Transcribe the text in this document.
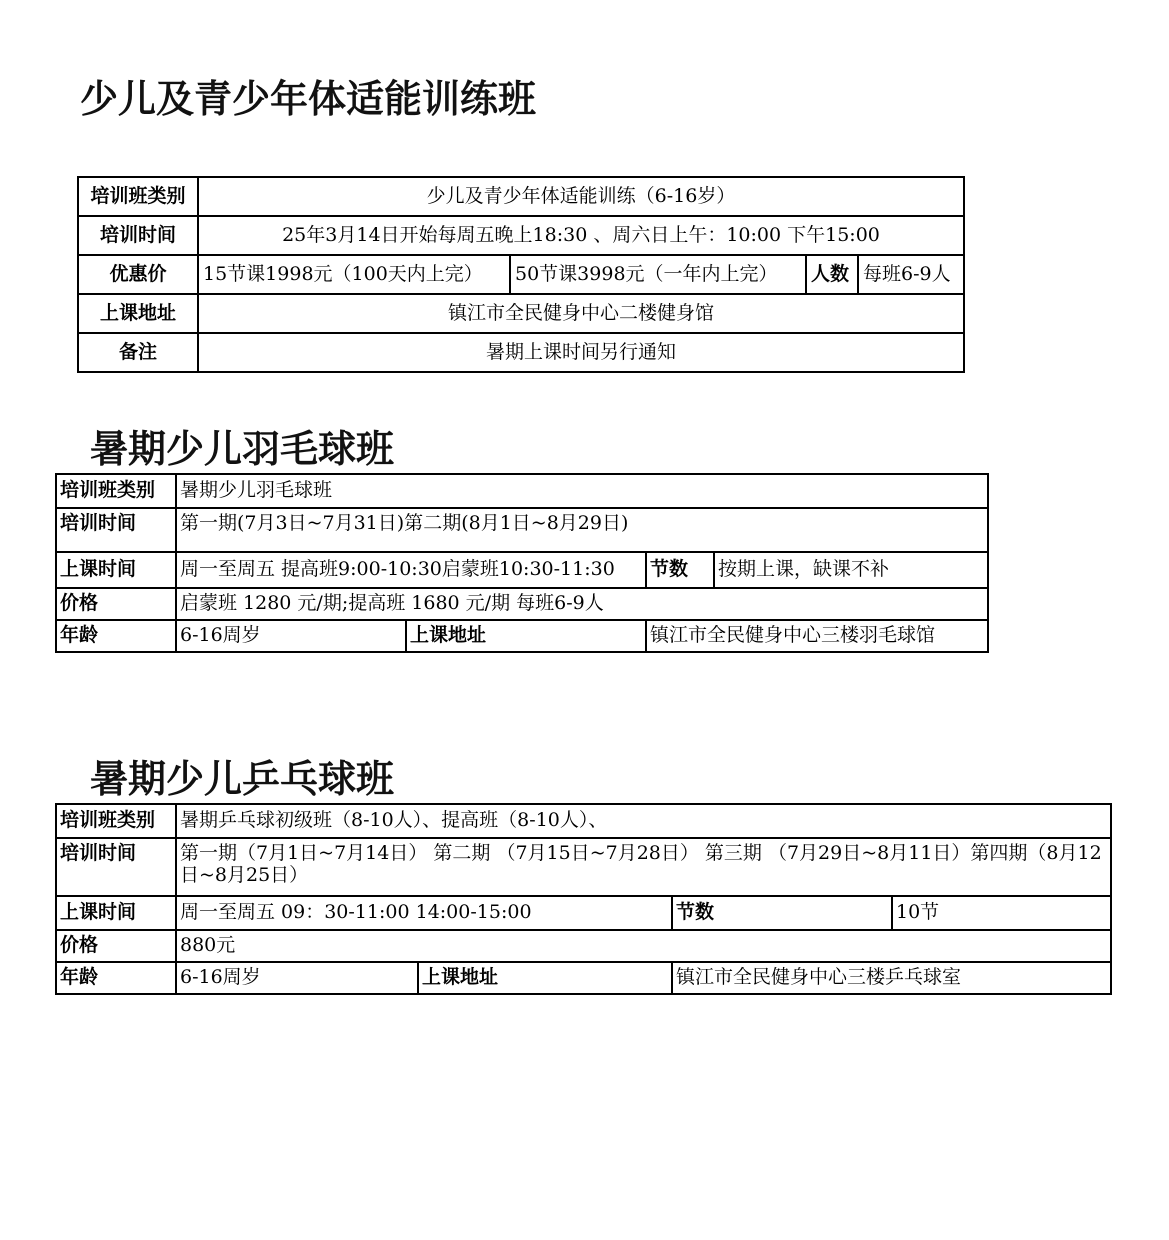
少儿及青少年体适能训练班
培训班类别	少儿及青少年体适能训练（6-16岁）			
培训时间	25年3月14日开始每周五晚上18:30 、周六日上午：10:00 下午15:00			
优惠价	15节课1998元（100天内上完）	50节课3998元（一年内上完）	人数	每班6-9人
上课地址	镇江市全民健身中心二楼健身馆			
备注	暑期上课时间另行通知			
暑期少儿羽毛球班
培训班类别	暑期少儿羽毛球班			
培训时间	第一期(7月3日~7月31日)第二期(8月1日~8月29日)			
上课时间	周一至周五 提高班9:00-10:30启蒙班10:30-11:30		节数	按期上课，缺课不补
价格	启蒙班 1280 元/期;提高班 1680 元/期 每班6-9人			
年龄	6-16周岁	上课地址	镇江市全民健身中心三楼羽毛球馆	
暑期少儿乒乓球班
培训班类别	暑期乒乓球初级班（8-10人）、提高班（8-10人）、			
培训时间	第一期（7月1日~7月14日） 第二期 （7月15日~7月28日） 第三期 （7月29日~8月11日）第四期（8月12日~8月25日）			
上课时间	周一至周五 09：30-11:00 14:00-15:00		节数	10节
价格	880元			
年龄	6-16周岁	上课地址	镇江市全民健身中心三楼乒乓球室	
